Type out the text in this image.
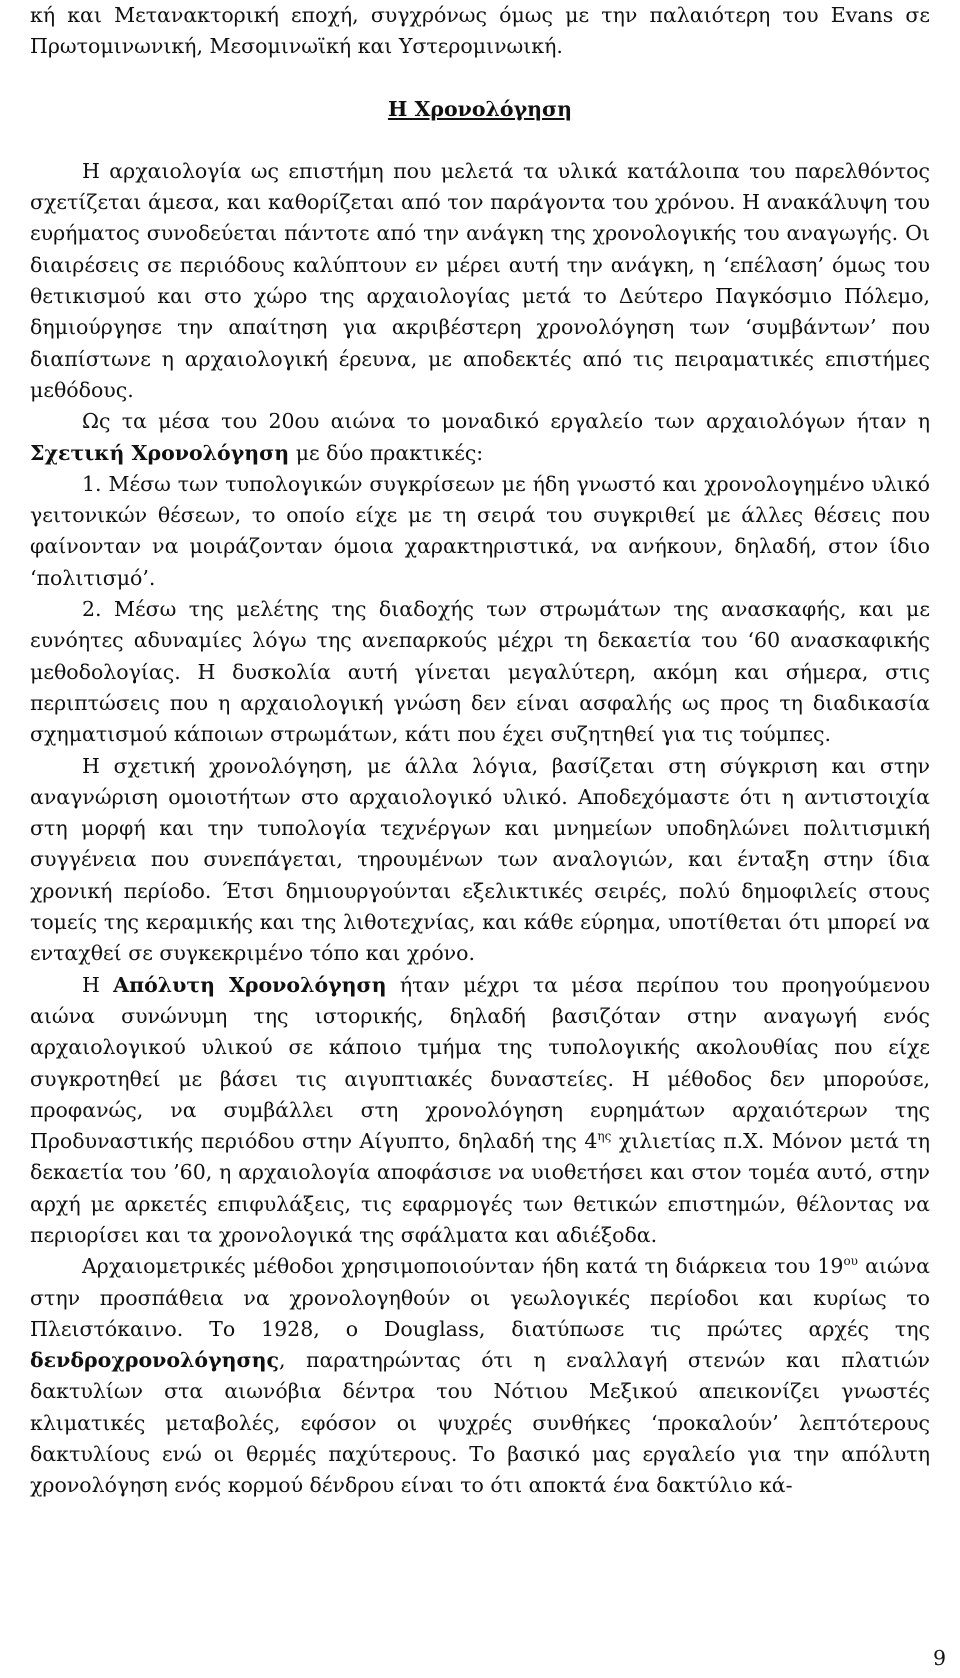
κή και Μετανακτορική εποχή, συγχρόνως όμως με την παλαιότερη του Evans σε Πρωτομινωνική, Μεσομινωϊκή και Υστερομινωική.

Η Χρονολόγηση

Η αρχαιολογία ως επιστήμη που μελετά τα υλικά κατάλοιπα του παρελθόντος σχετίζεται άμεσα, και καθορίζεται από τον παράγοντα του χρόνου. Η ανακάλυψη του ευρήματος συνοδεύεται πάντοτε από την ανάγκη της χρονολογικής του αναγωγής. Οι διαιρέσεις σε περιόδους καλύπτουν εν μέρει αυτή την ανάγκη, η ‘επέλαση’ όμως του θετικισμού και στο χώρο της αρχαιολογίας μετά το Δεύτερο Παγκόσμιο Πόλεμο, δημιούργησε την απαίτηση για ακριβέστερη χρονολόγηση των ‘συμβάντων’ που διαπίστωνε η αρχαιολογική έρευνα, με αποδεκτές από τις πειραματικές επιστήμες μεθόδους.

Ως τα μέσα του 20ου αιώνα το μοναδικό εργαλείο των αρχαιολόγων ήταν η Σχετική Χρονολόγηση με δύο πρακτικές:

1. Μέσω των τυπολογικών συγκρίσεων με ήδη γνωστό και χρονολογημένο υλικό γειτονικών θέσεων, το οποίο είχε με τη σειρά του συγκριθεί με άλλες θέσεις που φαίνονταν να μοιράζονταν όμοια χαρακτηριστικά, να ανήκουν, δηλαδή, στον ίδιο ‘πολιτισμό’.

2. Μέσω της μελέτης της διαδοχής των στρωμάτων της ανασκαφής, και με ευνόητες αδυναμίες λόγω της ανεπαρκούς μέχρι τη δεκαετία του ‘60 ανασκαφικής μεθοδολογίας. Η δυσκολία αυτή γίνεται μεγαλύτερη, ακόμη και σήμερα, στις περιπτώσεις που η αρχαιολογική γνώση δεν είναι ασφαλής ως προς τη διαδικασία σχηματισμού κάποιων στρωμάτων, κάτι που έχει συζητηθεί για τις τούμπες.

Η σχετική χρονολόγηση, με άλλα λόγια, βασίζεται στη σύγκριση και στην αναγνώριση ομοιοτήτων στο αρχαιολογικό υλικό. Αποδεχόμαστε ότι η αντιστοιχία στη μορφή και την τυπολογία τεχνέργων και μνημείων υποδηλώνει πολιτισμική συγγένεια που συνεπάγεται, τηρουμένων των αναλογιών, και ένταξη στην ίδια χρονική περίοδο. Έτσι δημιουργούνται εξελικτικές σειρές, πολύ δημοφιλείς στους τομείς της κεραμικής και της λιθοτεχνίας, και κάθε εύρημα, υποτίθεται ότι μπορεί να ενταχθεί σε συγκεκριμένο τόπο και χρόνο.

Η Απόλυτη Χρονολόγηση ήταν μέχρι τα μέσα περίπου του προηγούμενου αιώνα συνώνυμη της ιστορικής, δηλαδή βασιζόταν στην αναγωγή ενός αρχαιολογικού υλικού σε κάποιο τμήμα της τυπολογικής ακολουθίας που είχε συγκροτηθεί με βάσει τις αιγυπτιακές δυναστείες. Η μέθοδος δεν μπορούσε, προφανώς, να συμβάλλει στη χρονολόγηση ευρημάτων αρχαιότερων της Προδυναστικής περιόδου στην Αίγυπτο, δηλαδή της $4^{\eta\varsigma}$ χιλιετίας π.Χ. Μόνον μετά τη δεκαετία του ’60, η αρχαιολογία αποφάσισε να υιοθετήσει και στον τομέα αυτό, στην αρχή με αρκετές επιφυλάξεις, τις εφαρμογές των θετικών επιστημών, θέλοντας να περιορίσει και τα χρονολογικά της σφάλματα και αδιέξοδα.

Αρχαιομετρικές μέθοδοι χρησιμοποιούνταν ήδη κατά τη διάρκεια του $19^{o\upsilon}$ αιώνα στην προσπάθεια να χρονολογηθούν οι γεωλογικές περίοδοι και κυρίως το Πλειστόκαινο. Το 1928, ο Douglass, διατύπωσε τις πρώτες αρχές της δενδροχρονολόγησης, παρατηρώντας ότι η εναλλαγή στενών και πλατιών δακτυλίων στα αιωνόβια δέντρα του Νότιου Μεξικού απεικονίζει γνωστές κλιματικές μεταβολές, εφόσον οι ψυχρές συνθήκες ‘προκαλούν’ λεπτότερους δακτυλίους ενώ οι θερμές παχύτερους. Το βασικό μας εργαλείο για την απόλυτη χρονολόγηση ενός κορμού δένδρου είναι το ότι αποκτά ένα δακτύλιο κά-

9
